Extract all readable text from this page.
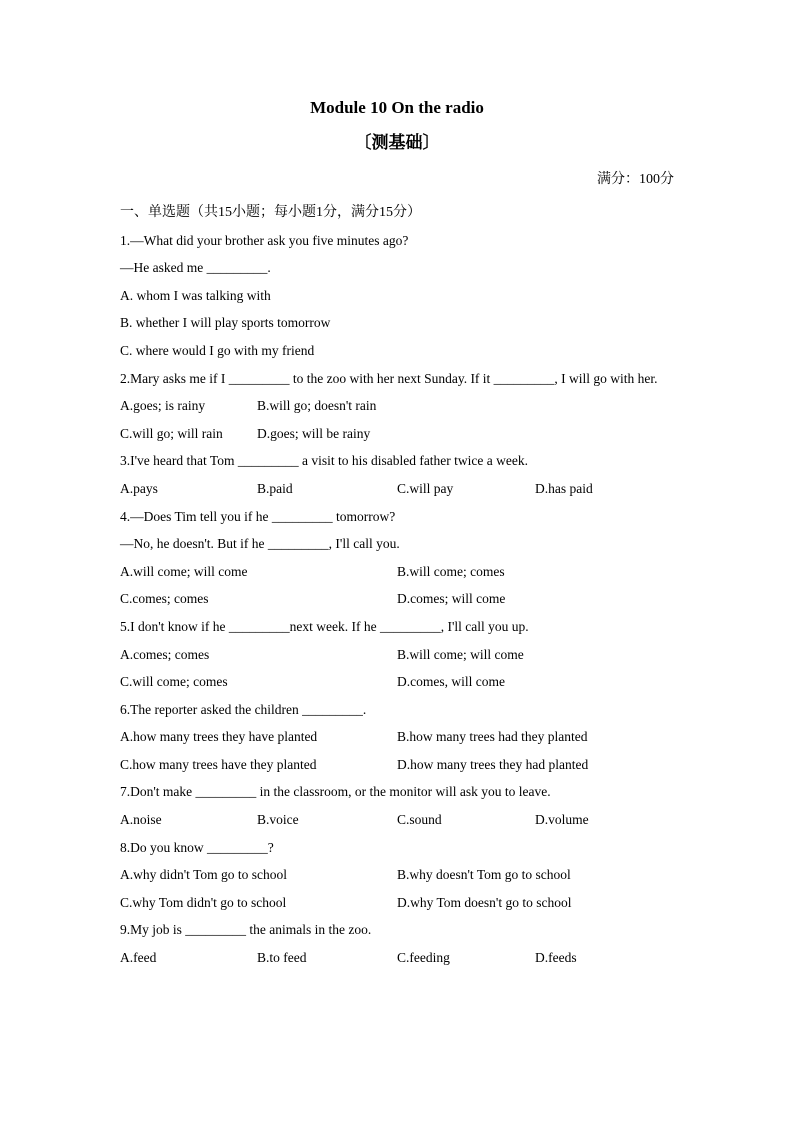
Module 10 On the radio
〔测基础〕
满分：100分
一、单选题（共15小题；每小题1分，满分15分）
1.—What did your brother ask you five minutes ago?
—He asked me _________.
A. whom I was talking with
B. whether I will play sports tomorrow
C. where would I go with my friend
2.Mary asks me if I _________ to the zoo with her next Sunday. If it _________, I will go with her.
A.goes; is rainy	B.will go; doesn't rain
C.will go; will rain	D.goes; will be rainy
3.I've heard that Tom _________ a visit to his disabled father twice a week.
A.pays	B.paid	C.will pay	D.has paid
4.—Does Tim tell you if he _________ tomorrow?
—No, he doesn't. But if he _________, I'll call you.
A.will come; will come	B.will come; comes
C.comes; comes	D.comes; will come
5.I don't know if he _________next week. If he _________, I'll call you up.
A.comes; comes	B.will come; will come
C.will come; comes	D.comes, will come
6.The reporter asked the children _________.
A.how many trees they have planted	B.how many trees had they planted
C.how many trees have they planted	D.how many trees they had planted
7.Don't make _________ in the classroom, or the monitor will ask you to leave.
A.noise	B.voice	C.sound	D.volume
8.Do you know _________?
A.why didn't Tom go to school	B.why doesn't Tom go to school
C.why Tom didn't go to school	D.why Tom doesn't go to school
9.My job is _________ the animals in the zoo.
A.feed	B.to feed	C.feeding	D.feeds
